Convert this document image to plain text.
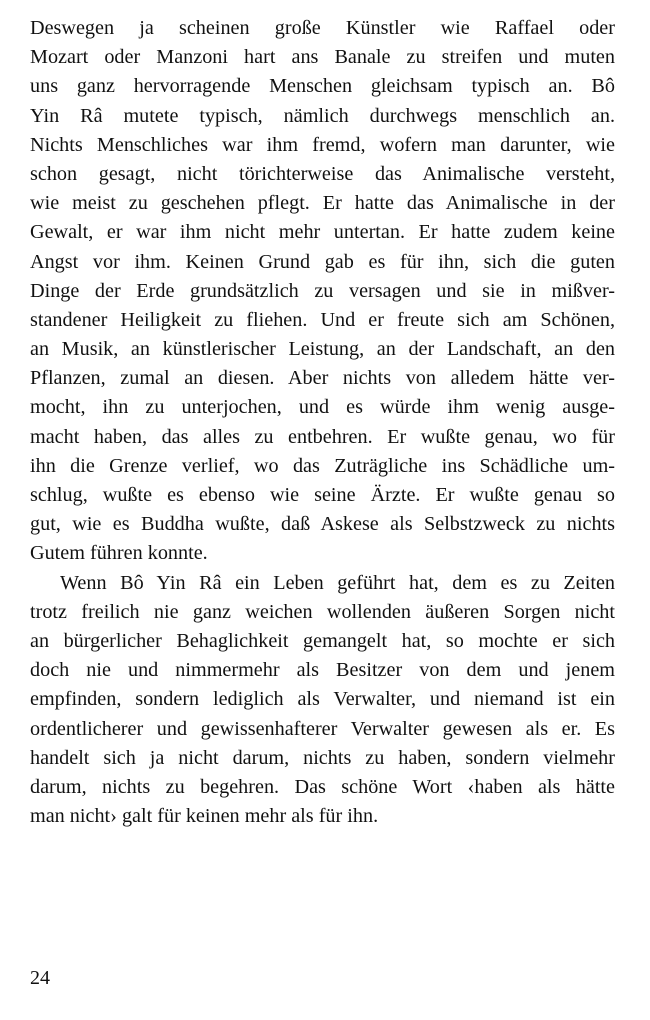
Deswegen ja scheinen große Künstler wie Raffael oder
Mozart oder Manzoni hart ans Banale zu streifen und muten
uns ganz hervorragende Menschen gleichsam typisch an. Bô
Yin Râ mutete typisch, nämlich durchwegs menschlich an.
Nichts Menschliches war ihm fremd, wofern man darunter, wie
schon gesagt, nicht törichterweise das Animalische versteht,
wie meist zu geschehen pflegt. Er hatte das Animalische in der
Gewalt, er war ihm nicht mehr untertan. Er hatte zudem keine
Angst vor ihm. Keinen Grund gab es für ihn, sich die guten
Dinge der Erde grundsätzlich zu versagen und sie in mißver-
standener Heiligkeit zu fliehen. Und er freute sich am Schönen,
an Musik, an künstlerischer Leistung, an der Landschaft, an den
Pflanzen, zumal an diesen. Aber nichts von alledem hätte ver-
mocht, ihn zu unterjochen, und es würde ihm wenig ausge-
macht haben, das alles zu entbehren. Er wußte genau, wo für
ihn die Grenze verlief, wo das Zuträgliche ins Schädliche um-
schlug, wußte es ebenso wie seine Ärzte. Er wußte genau so
gut, wie es Buddha wußte, daß Askese als Selbstzweck zu nichts
Gutem führen konnte.
Wenn Bô Yin Râ ein Leben geführt hat, dem es zu Zeiten
trotz freilich nie ganz weichen wollenden äußeren Sorgen nicht
an bürgerlicher Behaglichkeit gemangelt hat, so mochte er sich
doch nie und nimmermehr als Besitzer von dem und jenem
empfinden, sondern lediglich als Verwalter, und niemand ist ein
ordentlicherer und gewissenhafterer Verwalter gewesen als er. Es
handelt sich ja nicht darum, nichts zu haben, sondern vielmehr
darum, nichts zu begehren. Das schöne Wort ‹haben als hätte
man nicht› galt für keinen mehr als für ihn.
24
